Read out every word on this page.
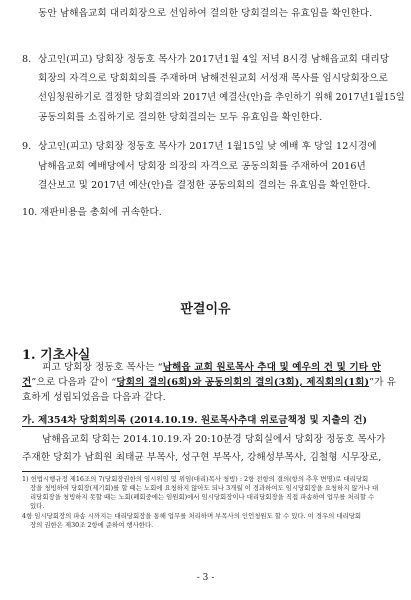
동안 남해읍교회 대리회장으로 선임하여 결의한 당회결의는 유효임을 확인한다.
8. 상고인(피고) 당회장 정동호 목사가 2017년1월 4일 저녁 8시경 남해읍교회 대리당
회장의 자격으로 당회회의를 주재하며 남해전원교회 서성재 목사를 임시당회장으로
선임청원하기로 결정한 당회결의와 2017년 예결산(안)을 추인하기 위해 2017년1월15일
공동의회를 소집하기로 결의한 당회결의는 모두 유효임을 확인한다.
9. 상고인(피고) 당회장 정동호 목사가 2017년 1월15일 낮 예배 후 당일 12시경에
남해읍교회 예배당에서 당회장 의장의 자격으로 공동의회를 주재하여 2016년
결산보고 및 2017년 예산(안)을 결정한 공동의회의 결의는 유효임을 확인한다.
10. 재판비용을 총회에 귀속한다.
판결이유
1. 기초사실
피고 당회장 정동호 목사는 “남해읍 교회 원로목사 추대 및 예우의 건 및 기타 안
건”으로 다음과 같이 “당회의 결의(6회)와 공동의회의 결의(3회), 제직회의(1회)”가 유
효하게 성립되었음을 다음과 같다.
가. 제354차 당회회의록 (2014.10.19. 원로목사추대 위로금책정 및 지출의 건)
남해읍교회 당회는 2014.10.19.자 20:10분경 당회실에서 당회장 정동호 목사가
주재한 당회가 남희원 최태균 부목사, 성구현 부목사, 강해성부목사, 김철형 시무장로,
1) 헌법시행규정 제16조의 7(당회장권한의 임시위임 및 위임(대리)목사 청빙) : 2항 전항의 결의(항의 추후 변명)로 대리당회
장을 청빙하여 당회장(제기회)를 할 때는 노회에 요청하지 않아도 되나 3개월 이 경과하여도 임시당회장을 요청하지 않거나 대
리당회장을 청빙하지 못할 때는 노회(폐회중에는 임원회)에서 임시당회장이나 대리당회장을 직접 파송하여 업무를 처리할 수
있다.
4항 임시당회장의 파송 시까지는 대리당회장을 통해 업무를 처리하며 부목사의 인언청원도 할 수 있다. 이 경우의 대리당회
장의 권한은 제30조 2항에 준하여 행사한다.
- 3 -
